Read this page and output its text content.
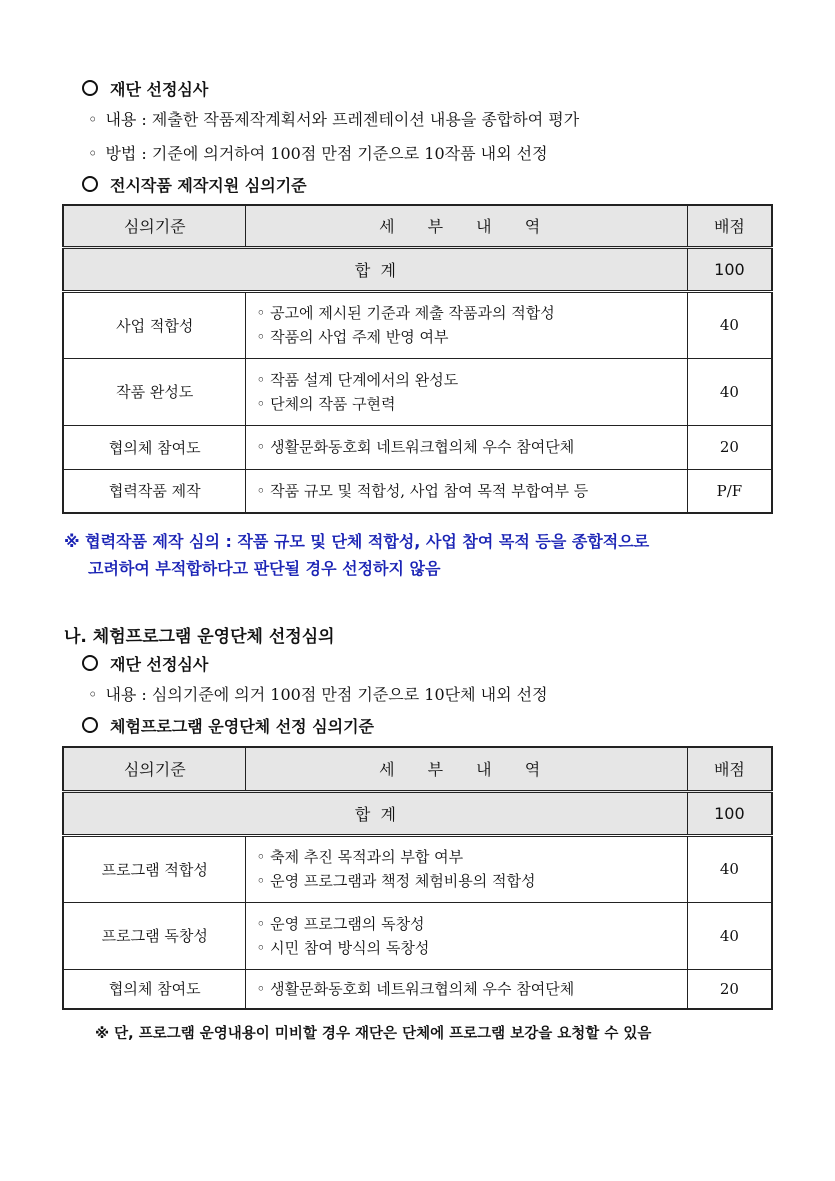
재단 선정심사
◦ 내용 : 제출한 작품제작계획서와 프레젠테이션 내용을 종합하여 평가
◦ 방법 : 기준에 의거하여 100점 만점 기준으로 10작품 내외 선정
전시작품 제작지원 심의기준
심의기준	세 부 내 역	배점
합  계		100
사업 적합성	◦ 공고에 제시된 기준과 제출 작품과의 적합성
◦ 작품의 사업 주제 반영 여부	40
작품 완성도	◦ 작품 설계 단계에서의 완성도
◦ 단체의 작품 구현력	40
협의체 참여도	◦ 생활문화동호회 네트워크협의체 우수 참여단체	20
협력작품 제작	◦ 작품 규모 및 적합성, 사업 참여 목적 부합여부 등	P/F
※ 협력작품 제작 심의 : 작품 규모 및 단체 적합성, 사업 참여 목적 등을 종합적으로
고려하여 부적합하다고 판단될 경우 선정하지 않음
나. 체험프로그램 운영단체 선정심의
재단 선정심사
◦ 내용 : 심의기준에 의거 100점 만점 기준으로 10단체 내외 선정
체험프로그램 운영단체 선정 심의기준
심의기준	세 부 내 역	배점
합  계		100
프로그램 적합성	◦ 축제 추진 목적과의 부합 여부
◦ 운영 프로그램과 책정 체험비용의 적합성	40
프로그램 독창성	◦ 운영 프로그램의 독창성
◦ 시민 참여 방식의 독창성	40
협의체 참여도	◦ 생활문화동호회 네트워크협의체 우수 참여단체	20
※ 단, 프로그램 운영내용이 미비할 경우 재단은 단체에 프로그램 보강을 요청할 수 있음
